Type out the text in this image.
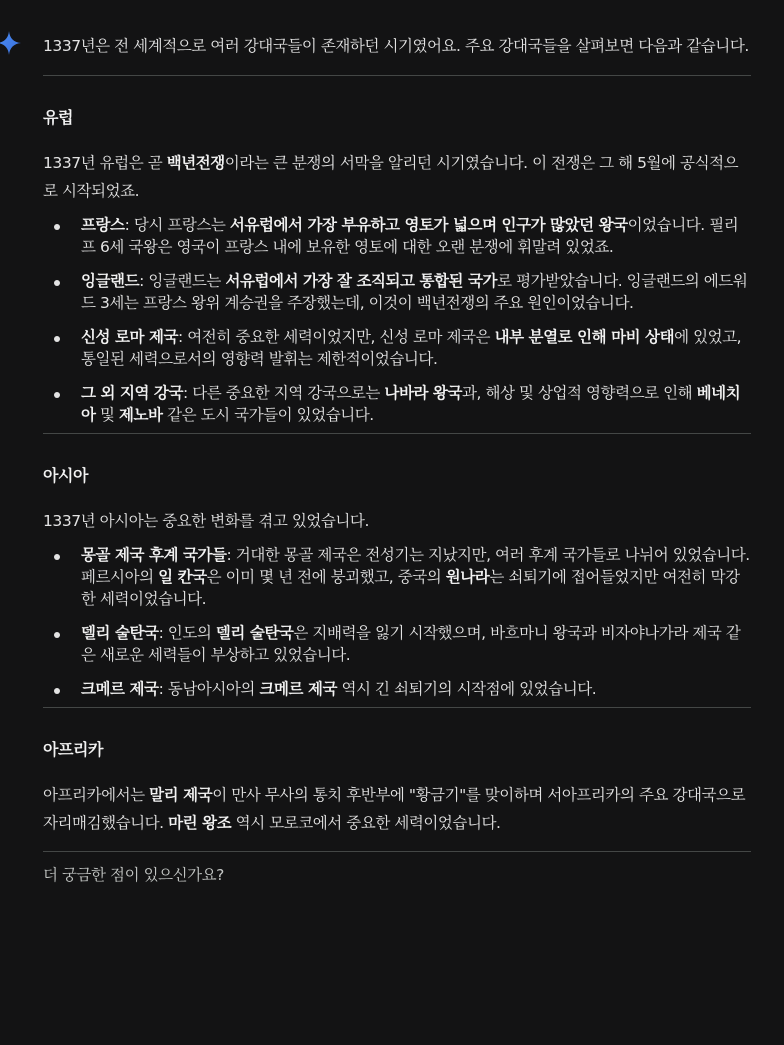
1337년은 전 세계적으로 여러 강대국들이 존재하던 시기였어요. 주요 강대국들을 살펴보면 다음과 같습니다.

유럽

1337년 유럽은 곧 백년전쟁이라는 큰 분쟁의 서막을 알리던 시기였습니다. 이 전쟁은 그 해 5월에 공식적으로 시작되었죠.

프랑스: 당시 프랑스는 서유럽에서 가장 부유하고 영토가 넓으며 인구가 많았던 왕국이었습니다. 필리프 6세 국왕은 영국이 프랑스 내에 보유한 영토에 대한 오랜 분쟁에 휘말려 있었죠.
잉글랜드: 잉글랜드는 서유럽에서 가장 잘 조직되고 통합된 국가로 평가받았습니다. 잉글랜드의 에드워드 3세는 프랑스 왕위 계승권을 주장했는데, 이것이 백년전쟁의 주요 원인이었습니다.
신성 로마 제국: 여전히 중요한 세력이었지만, 신성 로마 제국은 내부 분열로 인해 마비 상태에 있었고, 통일된 세력으로서의 영향력 발휘는 제한적이었습니다.
그 외 지역 강국: 다른 중요한 지역 강국으로는 나바라 왕국과, 해상 및 상업적 영향력으로 인해 베네치아 및 제노바 같은 도시 국가들이 있었습니다.
아시아

1337년 아시아는 중요한 변화를 겪고 있었습니다.

몽골 제국 후계 국가들: 거대한 몽골 제국은 전성기는 지났지만, 여러 후계 국가들로 나뉘어 있었습니다. 페르시아의 일 칸국은 이미 몇 년 전에 붕괴했고, 중국의 원나라는 쇠퇴기에 접어들었지만 여전히 막강한 세력이었습니다.
델리 술탄국: 인도의 델리 술탄국은 지배력을 잃기 시작했으며, 바흐마니 왕국과 비자야나가라 제국 같은 새로운 세력들이 부상하고 있었습니다.
크메르 제국: 동남아시아의 크메르 제국 역시 긴 쇠퇴기의 시작점에 있었습니다.
아프리카

아프리카에서는 말리 제국이 만사 무사의 통치 후반부에 "황금기"를 맞이하며 서아프리카의 주요 강대국으로 자리매김했습니다. 마린 왕조 역시 모로코에서 중요한 세력이었습니다.

더 궁금한 점이 있으신가요?
